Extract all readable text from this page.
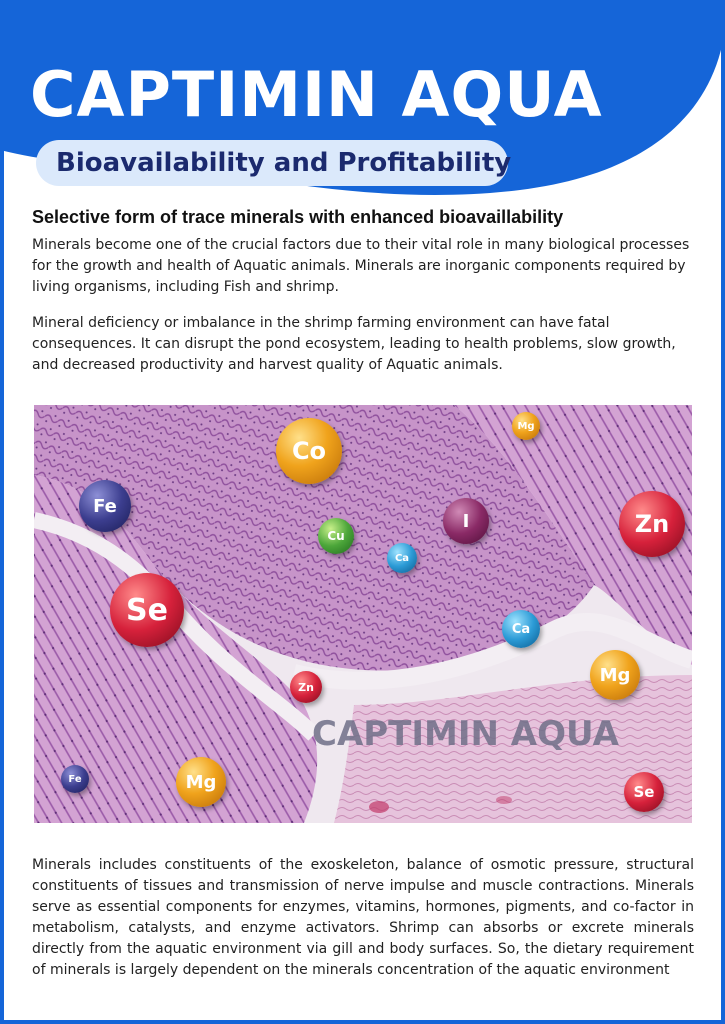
CAPTIMIN AQUA
Bioavailability and Profitability
Selective form of trace minerals with enhanced bioavaillability

Minerals become one of the crucial factors due to their vital role in many biological processes for the growth and health of Aquatic animals. Minerals are inorganic components required by living organisms, including Fish and shrimp.

Mineral deficiency or imbalance in the shrimp farming environment can have fatal consequences. It can disrupt the pond ecosystem, leading to health problems, slow growth, and decreased productivity and harvest quality of Aquatic animals.

CAPTIMIN AQUA
Co
Mg
Fe
Cu
Ca
I	Zn
Se
Ca
Mg
Zn
Fe	Mg	Se

Minerals includes constituents of the exoskeleton, balance of osmotic pressure, structural constituents of tissues and transmission of nerve impulse and muscle contractions. Minerals serve as essential components for enzymes, vitamins, hormones, pigments, and co-factor in metabolism, catalysts, and enzyme activators. Shrimp can absorbs or excrete minerals directly from the aquatic environment via gill and body surfaces. So, the dietary requirement of minerals is largely dependent on the minerals concentration of the aquatic environment
